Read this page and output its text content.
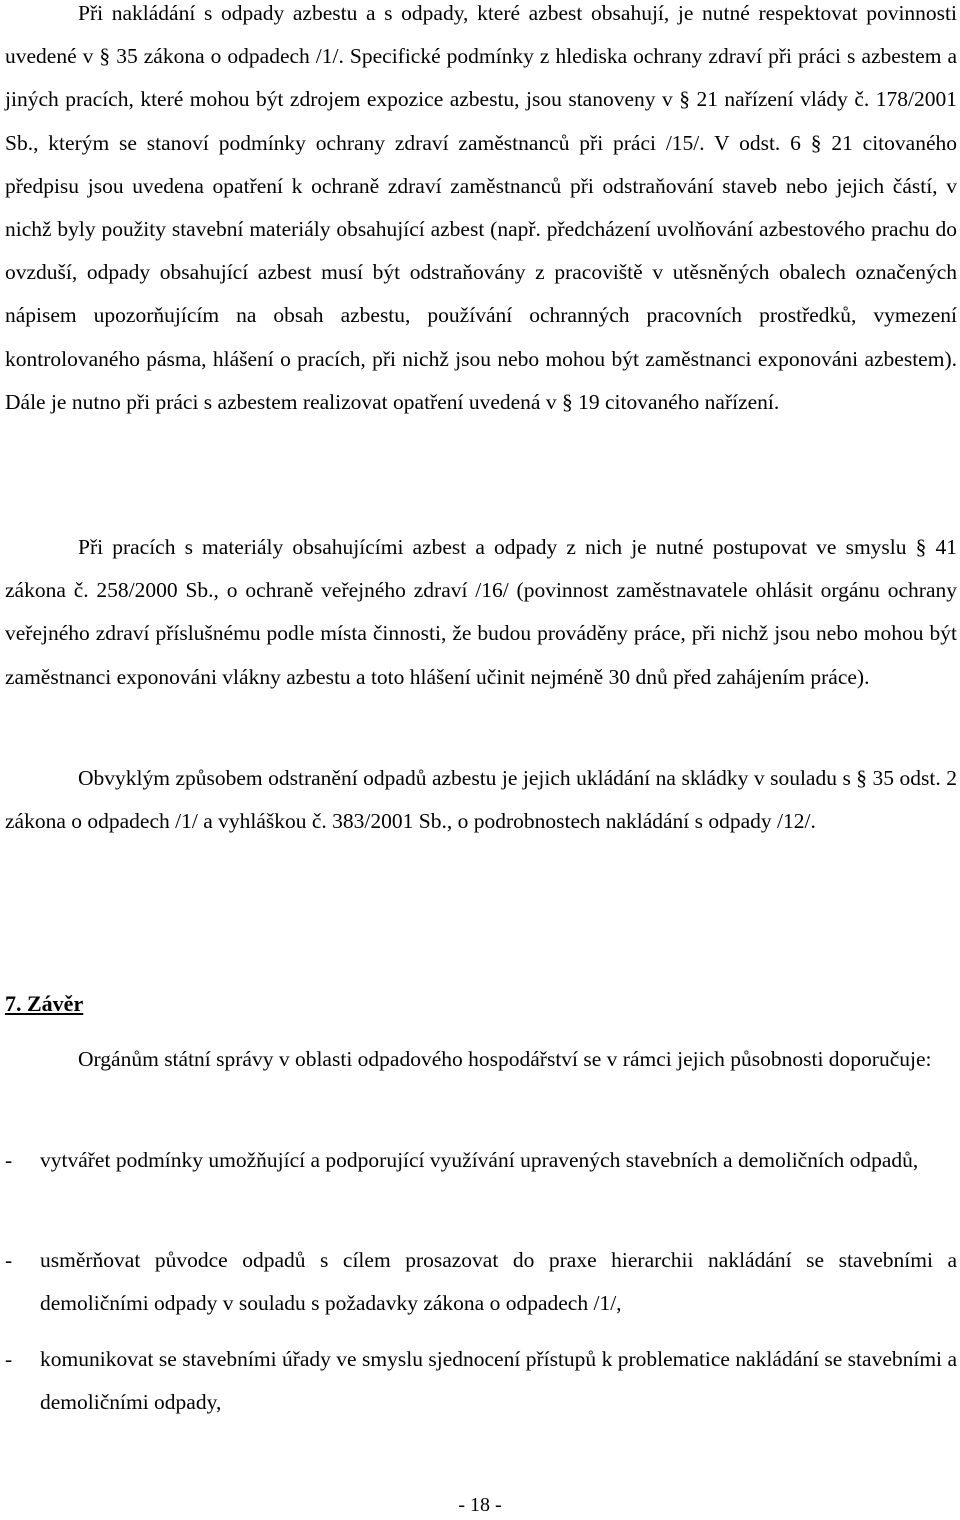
Při nakládání s odpady azbestu a s odpady, které azbest obsahují, je nutné respektovat povinnosti uvedené v § 35 zákona o odpadech /1/. Specifické podmínky z hlediska ochrany zdraví při práci s azbestem a jiných pracích, které mohou být zdrojem expozice azbestu, jsou stanoveny v § 21 nařízení vlády č. 178/2001 Sb., kterým se stanoví podmínky ochrany zdraví zaměstnanců při práci /15/. V odst. 6 § 21 citovaného předpisu jsou uvedena opatření k ochraně zdraví zaměstnanců při odstraňování staveb nebo jejich částí, v nichž byly použity stavební materiály obsahující azbest (např. předcházení uvolňování azbestového prachu do ovzduší, odpady obsahující azbest musí být odstraňovány z pracoviště v utěsněných obalech označených nápisem upozorňujícím na obsah azbestu, používání ochranných pracovních prostředků, vymezení kontrolovaného pásma, hlášení o pracích, při nichž jsou nebo mohou být zaměstnanci exponováni azbestem). Dále je nutno při práci s azbestem realizovat opatření uvedená v § 19 citovaného nařízení.

Při pracích s materiály obsahujícími azbest a odpady z nich je nutné postupovat ve smyslu § 41 zákona č. 258/2000 Sb., o ochraně veřejného zdraví /16/ (povinnost zaměstnavatele ohlásit orgánu ochrany veřejného zdraví příslušnému podle místa činnosti, že budou prováděny práce, při nichž jsou nebo mohou být zaměstnanci exponováni vlákny azbestu a toto hlášení učinit nejméně 30 dnů před zahájením práce).

Obvyklým způsobem odstranění odpadů azbestu je jejich ukládání na skládky v souladu s § 35 odst. 2 zákona o odpadech /1/ a vyhláškou č. 383/2001 Sb., o podrobnostech nakládání s odpady /12/.

7. Závěr

Orgánům státní správy v oblasti odpadového hospodářství se v rámci jejich působnosti doporučuje:

-	vytvářet podmínky umožňující a podporující využívání upravených stavebních a demoličních odpadů,
-	usměrňovat původce odpadů s cílem prosazovat do praxe hierarchii nakládání se stavebními a demoličními odpady v souladu s požadavky zákona o odpadech /1/,
-	komunikovat se stavebními úřady ve smyslu sjednocení přístupů k problematice nakládání se stavebními a demoličními odpady,

- 18 -
